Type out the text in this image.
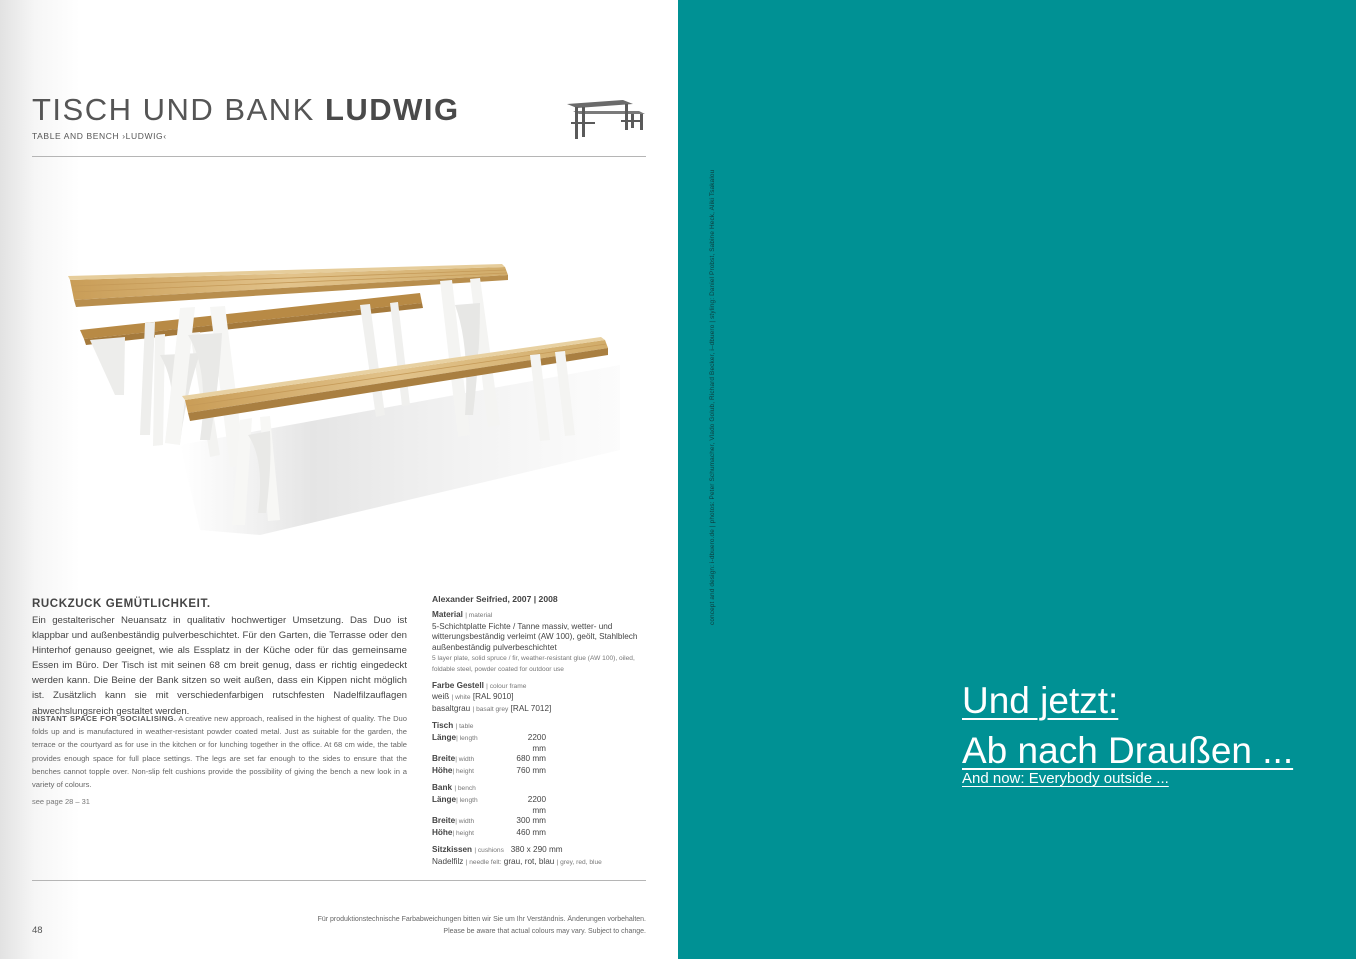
TISCH UND BANK LUDWIG
TABLE AND BENCH ›LUDWIG‹
RUCKZUCK GEMÜTLICHKEIT.
Ein gestalterischer Neuansatz in qualitativ hochwertiger Umsetzung. Das Duo ist klappbar und außenbeständig pulverbeschichtet. Für den Garten, die Terrasse oder den Hinterhof genauso geeignet, wie als Essplatz in der Küche oder für das gemeinsame Essen im Büro. Der Tisch ist mit seinen 68 cm breit genug, dass er richtig eingedeckt werden kann. Die Beine der Bank sitzen so weit außen, dass ein Kippen nicht möglich ist. Zusätzlich kann sie mit verschiedenfarbigen rutschfesten Nadelfilzauflagen abwechslungsreich gestaltet werden.
INSTANT SPACE FOR SOCIALISING. A creative new approach, realised in the highest of quality. The Duo folds up and is manufactured in weather-resistant powder coated metal. Just as suitable for the garden, the terrace or the courtyard as for use in the kitchen or for lunching together in the office. At 68 cm wide, the table provides enough space for full place settings. The legs are set far enough to the sides to ensure that the benches cannot topple over. Non-slip felt cushions provide the possibility of giving the bench a new look in a variety of colours.
see page 28 – 31
Alexander Seifried, 2007 | 2008
Material | material
5-Schichtplatte Fichte / Tanne massiv, wetter- und witterungsbeständig verleimt (AW 100), geölt, Stahlblech außenbeständig pulverbeschichtet
5 layer plate, solid spruce / fir, weather-resistant glue (AW 100), oiled, foldable steel, powder coated for outdoor use
Farbe Gestell | colour frame
weiß | white [RAL 9010]
basaltgrau | basalt grey [RAL 7012]
Tisch | table
Länge| length	2200 mm
Breite| width	680 mm
Höhe| height	760 mm
Bank | bench
Länge| length	2200 mm
Breite| width	300 mm
Höhe| height	460 mm
Sitzkissen | cushions 380 x 290 mm
Nadelfilz | needle felt: grau, rot, blau | grey, red, blue
Für produktionstechnische Farbabweichungen bitten wir Sie um Ihr Verständnis. Änderungen vorbehalten.
Please be aware that actual colours may vary. Subject to change.
48
concept and design: i-dbuero.de | photos: Peter Schumacher, Vlado Golub, Richard Becker, i–dbuero | styling: Daniel Probst, Sabine Heck, Aliki Tsakalou
Und jetzt:
Ab nach Draußen ...
And now: Everybody outside ...
